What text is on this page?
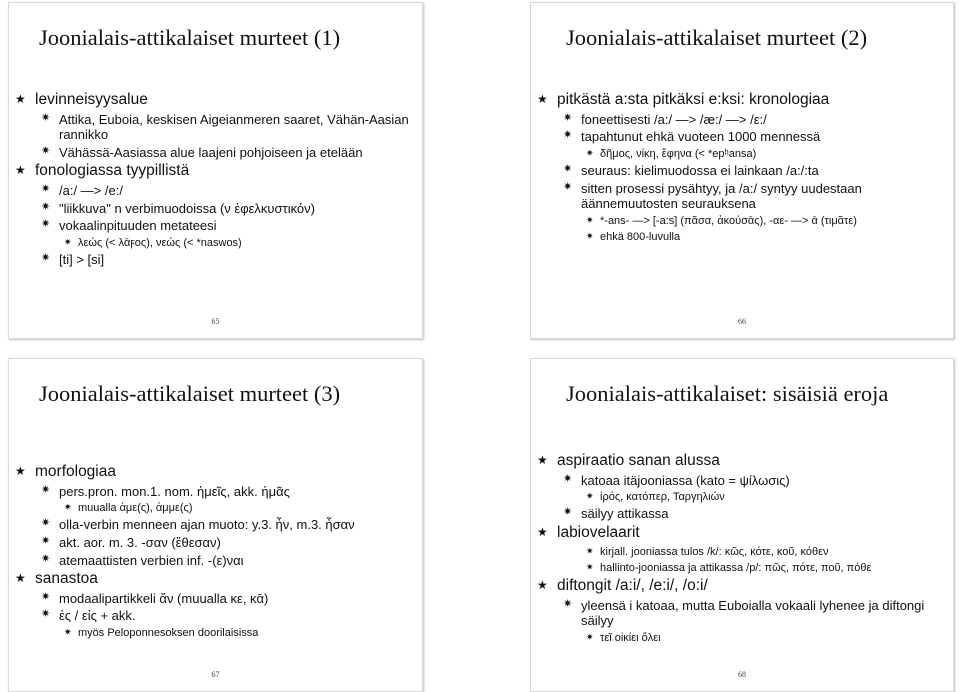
Joonialais-attikalaiset murteet (1)
★ levinneisyysalue
✷ Attika, Euboia, keskisen Aigeianmeren saaret, Vähän-Aasian rannikko
✷ Vähässä-Aasiassa alue laajeni pohjoiseen ja etelään
★ fonologiassa tyypillistä
✷ /a:/ —> /e:/
✷ "liikkuva" n verbimuodoissa (ν ἐφελκυστικόν)
✷ vokaalinpituuden metateesi
✷ λεώς (< λᾱϝος), νεώς (< *naswos)
✷ [ti] > [si]
65
Joonialais-attikalaiset murteet (2)
★ pitkästä a:sta pitkäksi e:ksi: kronologiaa
✷ foneettisesti /a:/ —> /æ:/ —> /ε:/
✷ tapahtunut ehkä vuoteen 1000 mennessä
✷ δῆμος, νίκη, ἔφηνα (< *epʰansa)
✷ seuraus: kielimuodossa ei lainkaan /a:/:ta
✷ sitten prosessi pysähtyy, ja /a:/ syntyy uudestaan äännemuutosten seurauksena
✷ *-ans- —> [-a:s] (πᾶσα, ἀκούσᾱς), -αε- —> ᾱ (τιμᾶτε)
✷ ehkä 800-luvulla
66
Joonialais-attikalaiset murteet (3)
★ morfologiaa
✷ pers.pron. mon.1. nom. ἡμεῖς, akk. ἡμᾶς
✷ muualla ἀμε(ς), ἀμμε(ς)
✷ olla-verbin menneen ajan muoto: y.3. ἦν, m.3. ἦσαν
✷ akt. aor. m. 3. -σαν (ἔθεσαν)
✷ atemaattisten verbien inf. -(ε)ναι
★ sanastoa
✷ modaalipartikkeli ἄν (muualla κε, κᾱ)
✷ ἐς / εἰς + akk.
✷ myös Peloponnesoksen doorilaisissa
67
Joonialais-attikalaiset: sisäisiä eroja
★ aspiraatio sanan alussa
✷ katoaa itäjooniassa (kato = ψίλωσις)
✷ ἰρός, κατόπερ, Ταργηλιών
✷ säilyy attikassa
★ labiovelaarit
✷ kirjall. jooniassa tulos /k/: κῶς, κότε, κοῦ, κόθεν
✷ hallinto-jooniassa ja attikassa /p/: πῶς, πότε, ποῦ, πόθε
★ diftongit /a:i/, /e:i/, /o:i/
✷ yleensä i katoaa, mutta Euboialla vokaali lyhenee ja diftongi säilyy
✷ τεῖ οἰκίει ὄλει
68
